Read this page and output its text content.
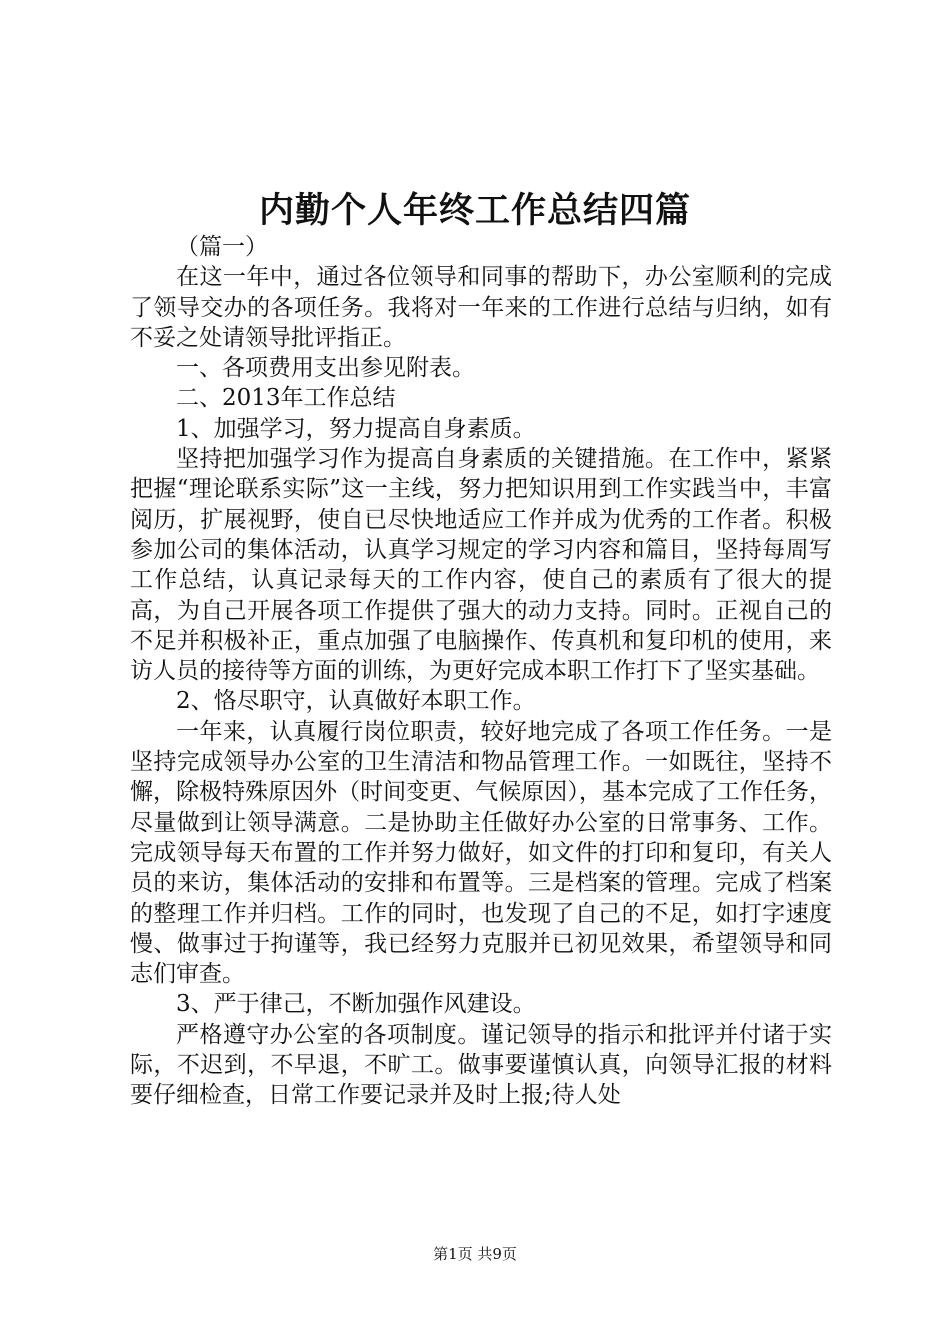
内勤个人年终工作总结四篇

（篇一）

在这一年中，通过各位领导和同事的帮助下，办公室顺利的完成了领导交办的各项任务。我将对一年来的工作进行总结与归纳，如有不妥之处请领导批评指正。

一、各项费用支出参见附表。

二、2013年工作总结

1、加强学习，努力提高自身素质。

坚持把加强学习作为提高自身素质的关键措施。在工作中，紧紧把握“理论联系实际”这一主线，努力把知识用到工作实践当中，丰富阅历，扩展视野，使自已尽快地适应工作并成为优秀的工作者。积极参加公司的集体活动，认真学习规定的学习内容和篇目，坚持每周写工作总结，认真记录每天的工作内容，使自己的素质有了很大的提高，为自己开展各项工作提供了强大的动力支持。同时。正视自己的不足并积极补正，重点加强了电脑操作、传真机和复印机的使用，来访人员的接待等方面的训练，为更好完成本职工作打下了坚实基础。

2、恪尽职守，认真做好本职工作。

一年来，认真履行岗位职责，较好地完成了各项工作任务。一是坚持完成领导办公室的卫生清洁和物品管理工作。一如既往，坚持不懈，除极特殊原因外（时间变更、气候原因），基本完成了工作任务，尽量做到让领导满意。二是协助主任做好办公室的日常事务、工作。完成领导每天布置的工作并努力做好，如文件的打印和复印，有关人员的来访，集体活动的安排和布置等。三是档案的管理。完成了档案的整理工作并归档。工作的同时，也发现了自己的不足，如打字速度慢、做事过于拘谨等，我已经努力克服并已初见效果，希望领导和同志们审查。

3、严于律己，不断加强作风建设。

严格遵守办公室的各项制度。谨记领导的指示和批评并付诸于实际，不迟到，不早退，不旷工。做事要谨慎认真，向领导汇报的材料要仔细检查，日常工作要记录并及时上报;待人处

第1页 共9页
